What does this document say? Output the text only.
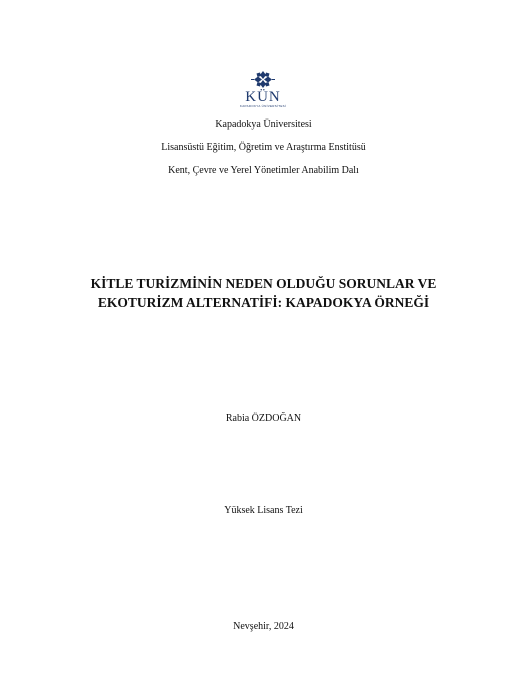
KÜN
KAPADOKYA ÜNİVERSİTESİ
Kapadokya Üniversitesi
Lisansüstü Eğitim, Öğretim ve Araştırma Enstitüsü
Kent, Çevre ve Yerel Yönetimler Anabilim Dalı
KİTLE TURİZMİNİN NEDEN OLDUĞU SORUNLAR VE
EKOTURİZM ALTERNATİFİ: KAPADOKYA ÖRNEĞİ
Rabia ÖZDOĞAN
Yüksek Lisans Tezi
Nevşehir, 2024
